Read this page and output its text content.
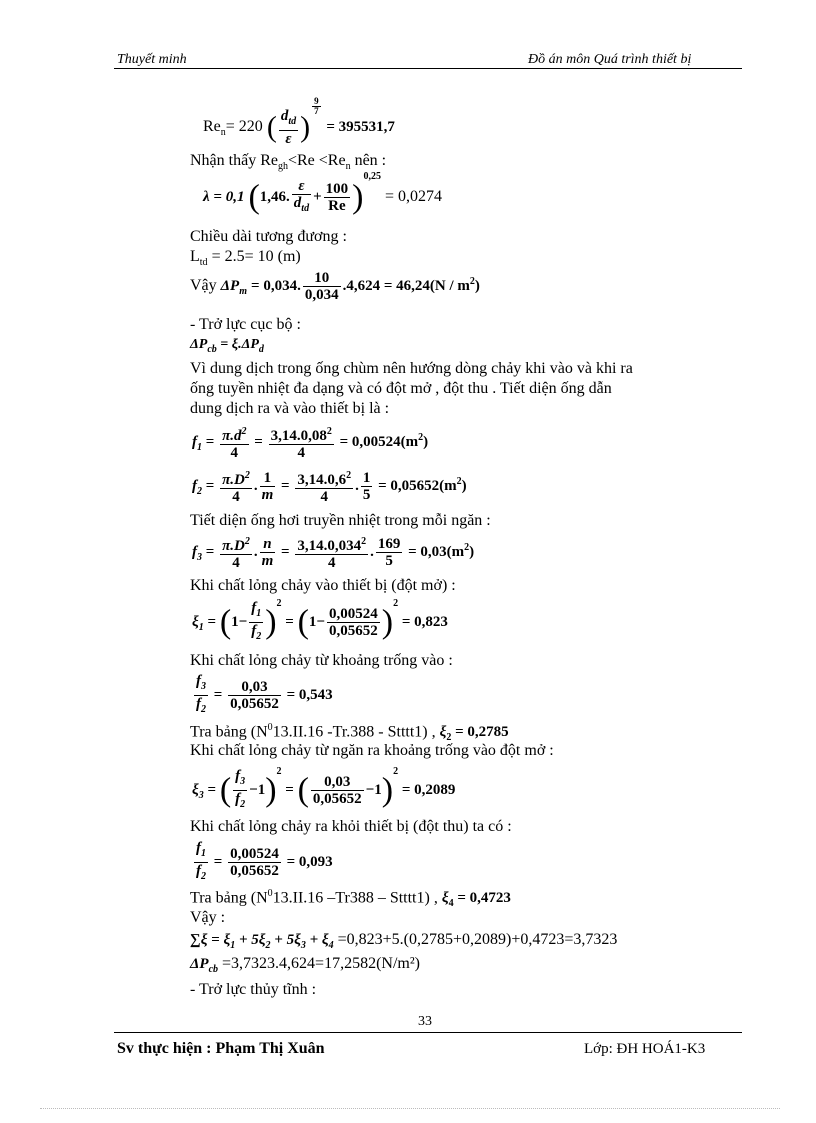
Thuyết minh	Đồ án môn Quá trình thiết bị
$Re_n= 220$ ( $\frac{d_{td}}{\varepsilon}$ )
$^{\frac{9}{7}}$
= 395531,7
Nhận thấy $Re_{gh}<Re <Re_n$ nên :
λ = 0,1 (1,46. $\frac{\varepsilon}{d_{td}} + \frac{100}{Re} )^{0,25} = 0,0274$
Chiều dài tương đương :
$L_{td} = 2.5= 10$ (m)
Vậy $\Delta P_m = 0,034$. $\frac{10}{0,034} .4,624 = 46,24(N / m^2)$
- Trở lực cục bộ :
$\Delta P_{cb} = \xi.\Delta P_d$
Vì dung dịch trong ống chùm nên hướng dòng chảy khi vào và khi ra
ống tuyền nhiệt đa dạng và có đột mở , đột thu . Tiết diện ống dẫn
dung dịch ra và vào thiết bị là :
$f_1 = \frac{\pi.d^2}{4} = \frac{3,14.0,08^2}{4} = 0,00524(m^2)$
$f_2 = \frac{\pi.D^2}{4}$ . $\frac{1}{m} = \frac{3,14.0,6^2}{4}$ . $\frac{1}{5} = 0,05652(m^2)$
Tiết diện ống hơi truyền nhiệt trong mỗi ngăn :
$f_3 = \frac{\pi.D^2}{4}$ . $\frac{n}{m} = \frac{3,14.0,034^2}{4}$ . $\frac{169}{5} = 0,03(m^2)$
Khi chất lỏng chảy vào thiết bị (đột mở) :
$\xi_1 = (1- \frac{f_1}{f_2} )^2 = (1- \frac{0,00524}{0,05652} )^2 = 0,823$
Khi chất lỏng chảy từ khoảng trống vào :
$\frac{f_3}{f_2} = \frac{0,03}{0,05652} = 0,543$
Tra bảng ($N^013.II.16$ -Tr.388 - Stttt1) , $\xi_2 = 0,2785$
Khi chất lỏng chảy từ ngăn ra khoảng trống vào đột mở :
$\xi_3$ = ( $\frac{f_3}{f_2} -1)^2$ = ( $\frac{0,03}{0,05652} -1)^2 = 0,2089$
Khi chất lỏng chảy ra khỏi thiết bị (đột thu) ta có :
$\frac{f_1}{f_2} = \frac{0,00524}{0,05652} = 0,093$
Tra bảng ($N^013.II.16$ –Tr388 – Stttt1) , $\xi_4 = 0,4723$
Vậy :
$\sum\xi = \xi_1 + 5\xi_2 + 5\xi_3 + \xi_4 =0,823+5.(0,2785+0,2089)+0,4723=3,7323$
$\Delta P_{cb} =3,7323.4,624=17,2582(N/m^2)$
- Trở lực thủy tĩnh :
33
Sv thực hiện : Phạm Thị Xuân	Lớp: ĐH HOÁ1-K3
